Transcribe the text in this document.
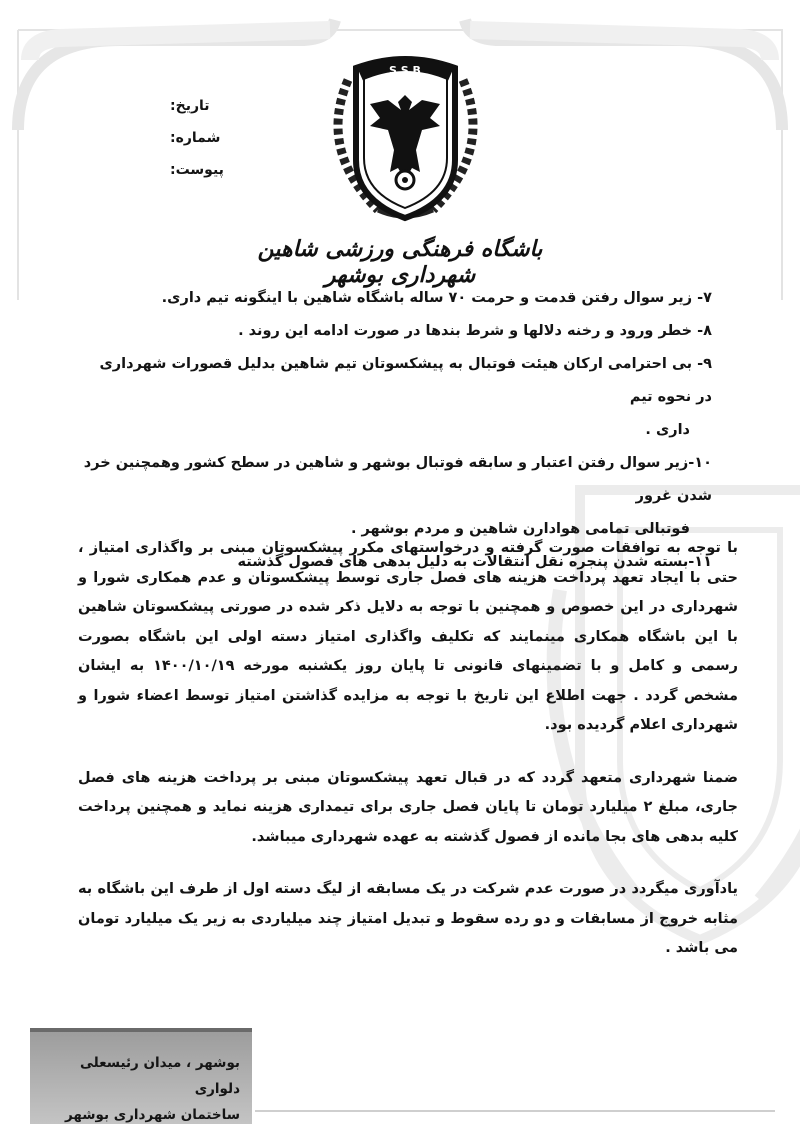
تاریخ:
شماره:
پیوست:
S S B
باشگاه فرهنگی ورزشی شاهین شهرداری بوشهر
۷- زیر سوال رفتن قدمت و حرمت ۷۰ ساله باشگاه شاهین با اینگونه تیم داری.
۸- خطر ورود و رخنه دلالها و شرط بندها در صورت ادامه این روند .
۹- بی احترامی ارکان هیئت فوتبال به پیشکسوتان تیم شاهین بدلیل قصورات شهرداری در نحوه تیم
داری .
۱۰-زیر سوال رفتن اعتبار و سابقه فوتبال بوشهر و شاهین در سطح کشور وهمچنین خرد شدن غرور
فوتبالی تمامی هوادارن شاهین و مردم بوشهر .
۱۱-بسته شدن پنجره نقل انتقالات به دلیل بدهی های فصول گذشته

با توجه به توافقات صورت گرفته و درخواستهای مکرر پیشکسوتان مبنی بر واگذاری امتیاز ، حتی با ایجاد تعهد پرداخت هزینه های فصل جاری توسط پیشکسوتان و عدم همکاری شورا و شهرداری در این خصوص و همچنین با توجه به دلایل ذکر شده در صورتی پیشکسوتان شاهین با این باشگاه همکاری مینمایند که تکلیف واگذاری امتیاز دسته اولی این باشگاه بصورت رسمی و کامل و با تضمینهای قانونی تا پایان روز یکشنبه مورخه ۱۴۰۰/۱۰/۱۹ به ایشان مشخص گردد . جهت اطلاع این تاریخ با توجه به مزایده گذاشتن امتیاز توسط اعضاء شورا و شهرداری اعلام گردیده بود.

ضمنا شهرداری متعهد گردد که در قبال تعهد پیشکسوتان مبنی بر پرداخت هزینه های فصل جاری، مبلغ ۲ میلیارد تومان تا پایان فصل جاری برای تیمداری هزینه نماید و همچنین پرداخت کلیه بدهی های بجا مانده از فصول گذشته به عهده شهرداری میباشد.

یادآوری میگردد در صورت عدم شرکت در یک مسابقه از لیگ دسته اول از طرف این باشگاه به مثابه خروج از مسابقات و دو رده سقوط و تبدیل امتیاز چند میلیاردی به زیر یک میلیارد تومان می باشد .

بوشهر ، میدان رئیسعلی دلواری
ساختمان شهرداری بوشهر
